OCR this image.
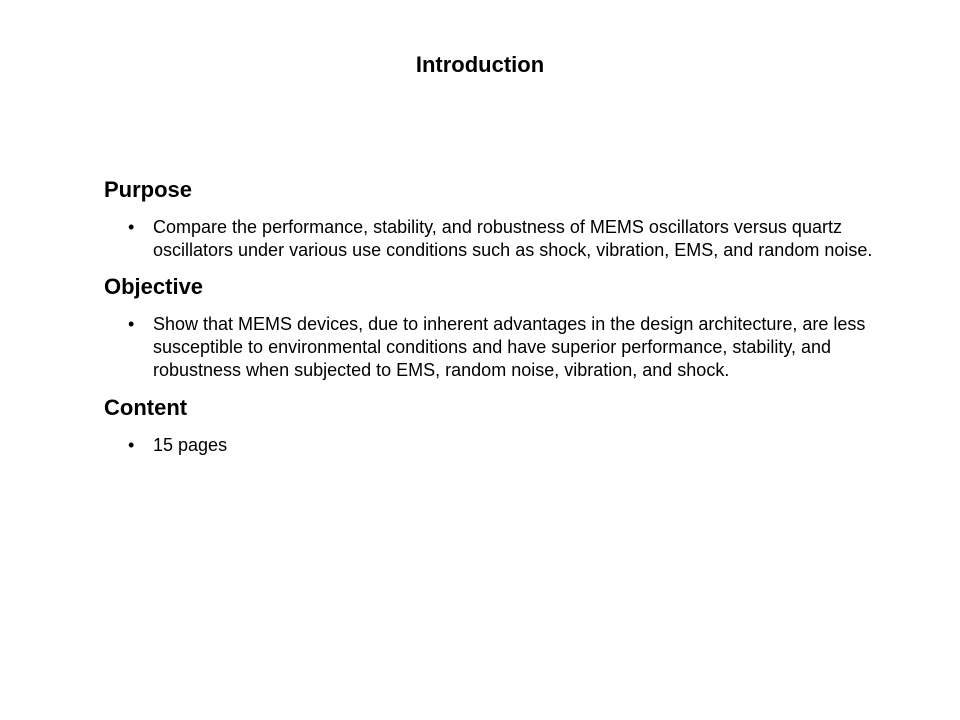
Introduction
Purpose
• Compare the performance, stability, and robustness of MEMS oscillators versus quartz oscillators under various use conditions such as shock, vibration, EMS, and random noise.
Objective
• Show that MEMS devices, due to inherent advantages in the design architecture, are less susceptible to environmental conditions and have superior performance, stability, and robustness when subjected to EMS, random noise, vibration, and shock.
Content
• 15 pages
